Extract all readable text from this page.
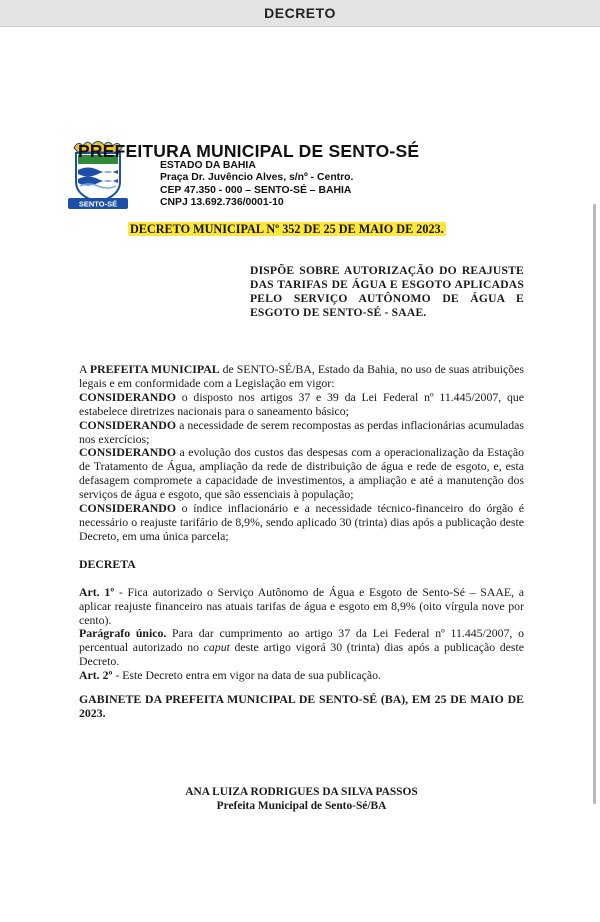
DECRETO
SENTO-SÉ
PREFEITURA MUNICIPAL DE SENTO-SÉ
ESTADO DA BAHIA
Praça Dr. Juvêncio Alves, s/nº - Centro.
CEP 47.350 - 000 – SENTO-SÉ – BAHIA
CNPJ 13.692.736/0001-10
DECRETO MUNICIPAL Nº 352 DE 25 DE MAIO DE 2023.
DISPÕE SOBRE AUTORIZAÇÃO DO REAJUSTE DAS TARIFAS DE ÁGUA E ESGOTO APLICADAS PELO SERVIÇO AUTÔNOMO DE ÁGUA E ESGOTO DE SENTO-SÉ - SAAE.

A PREFEITA MUNICIPAL de SENTO-SÉ/BA, Estado da Bahia, no uso de suas atribuições legais e em conformidade com a Legislação em vigor:

CONSIDERANDO o disposto nos artigos 37 e 39 da Lei Federal nº 11.445/2007, que estabelece diretrizes nacionais para o saneamento básico;

CONSIDERANDO a necessidade de serem recompostas as perdas inflacionárias acumuladas nos exercícios;

CONSIDERANDO a evolução dos custos das despesas com a operacionalização da Estação de Tratamento de Água, ampliação da rede de distribuição de água e rede de esgoto, e, esta defasagem compromete a capacidade de investimentos, a ampliação e até a manutenção dos serviços de água e esgoto, que são essenciais à população;

CONSIDERANDO o índice inflacionário e a necessidade técnico-financeiro do órgão é necessário o reajuste tarifário de 8,9%, sendo aplicado 30 (trinta) dias após a publicação deste Decreto, em uma única parcela;

DECRETA

Art. 1º - Fica autorizado o Serviço Autônomo de Água e Esgoto de Sento-Sé – SAAE, a aplicar reajuste financeiro nas atuais tarifas de água e esgoto em 8,9% (oito vírgula nove por cento).

Parágrafo único. Para dar cumprimento ao artigo 37 da Lei Federal nº 11.445/2007, o percentual autorizado no caput deste artigo vigorá 30 (trinta) dias após a publicação deste Decreto.

Art. 2º - Este Decreto entra em vigor na data de sua publicação.

GABINETE DA PREFEITA MUNICIPAL DE SENTO-SÉ (BA), EM 25 DE MAIO DE 2023.

ANA LUIZA RODRIGUES DA SILVA PASSOS
Prefeita Municipal de Sento-Sé/BA
